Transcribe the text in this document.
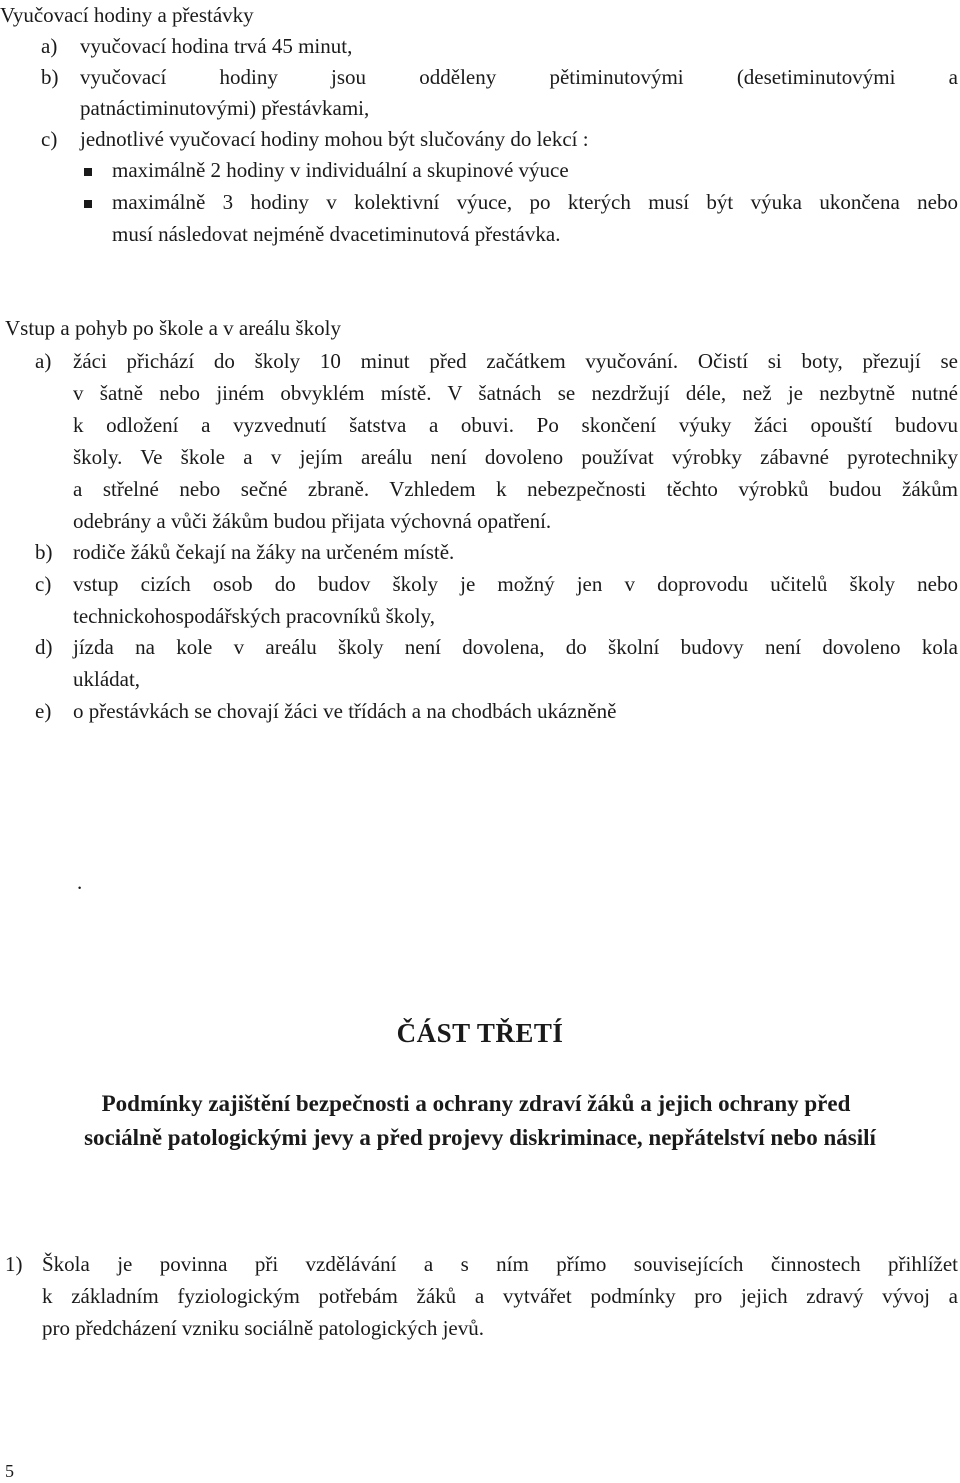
Vyučovací hodiny a přestávky
a) vyučovací hodina trvá 45 minut,
b) vyučovací hodiny jsou odděleny pětiminutovými (desetiminutovými a
patnáctiminutovými) přestávkami,
c) jednotlivé vyučovací hodiny mohou být slučovány do lekcí :
maximálně 2 hodiny v individuální a skupinové výuce
maximálně 3 hodiny v kolektivní výuce, po kterých musí být výuka ukončena nebo
musí následovat nejméně dvacetiminutová přestávka.
Vstup a pohyb po škole a v areálu školy
a) žáci přichází do školy 10 minut před začátkem vyučování. Očistí si boty, přezují se
v šatně nebo jiném obvyklém místě. V šatnách se nezdržují déle, než je nezbytně nutné
k odložení a vyzvednutí šatstva a obuvi. Po skončení výuky žáci opouští budovu
školy. Ve škole a v jejím areálu není dovoleno používat výrobky zábavné pyrotechniky
a střelné nebo sečné zbraně. Vzhledem k nebezpečnosti těchto výrobků budou žákům
odebrány a vůči žákům budou přijata výchovná opatření.
b) rodiče žáků čekají na žáky na určeném místě.
c) vstup cizích osob do budov školy je možný jen v doprovodu učitelů školy nebo
technickohospodářských pracovníků školy,
d) jízda na kole v areálu školy není dovolena, do školní budovy není dovoleno kola
ukládat,
e) o přestávkách se chovají žáci ve třídách a na chodbách ukázněně
.
ČÁST TŘETÍ
Podmínky zajištění bezpečnosti a ochrany zdraví žáků a jejich ochrany před
sociálně patologickými jevy a před projevy diskriminace, nepřátelství nebo násilí
1) Škola je povinna při vzdělávání a s ním přímo souvisejících činnostech přihlížet
k základním fyziologickým potřebám žáků a vytvářet podmínky pro jejich zdravý vývoj a
pro předcházení vzniku sociálně patologických jevů.
5
